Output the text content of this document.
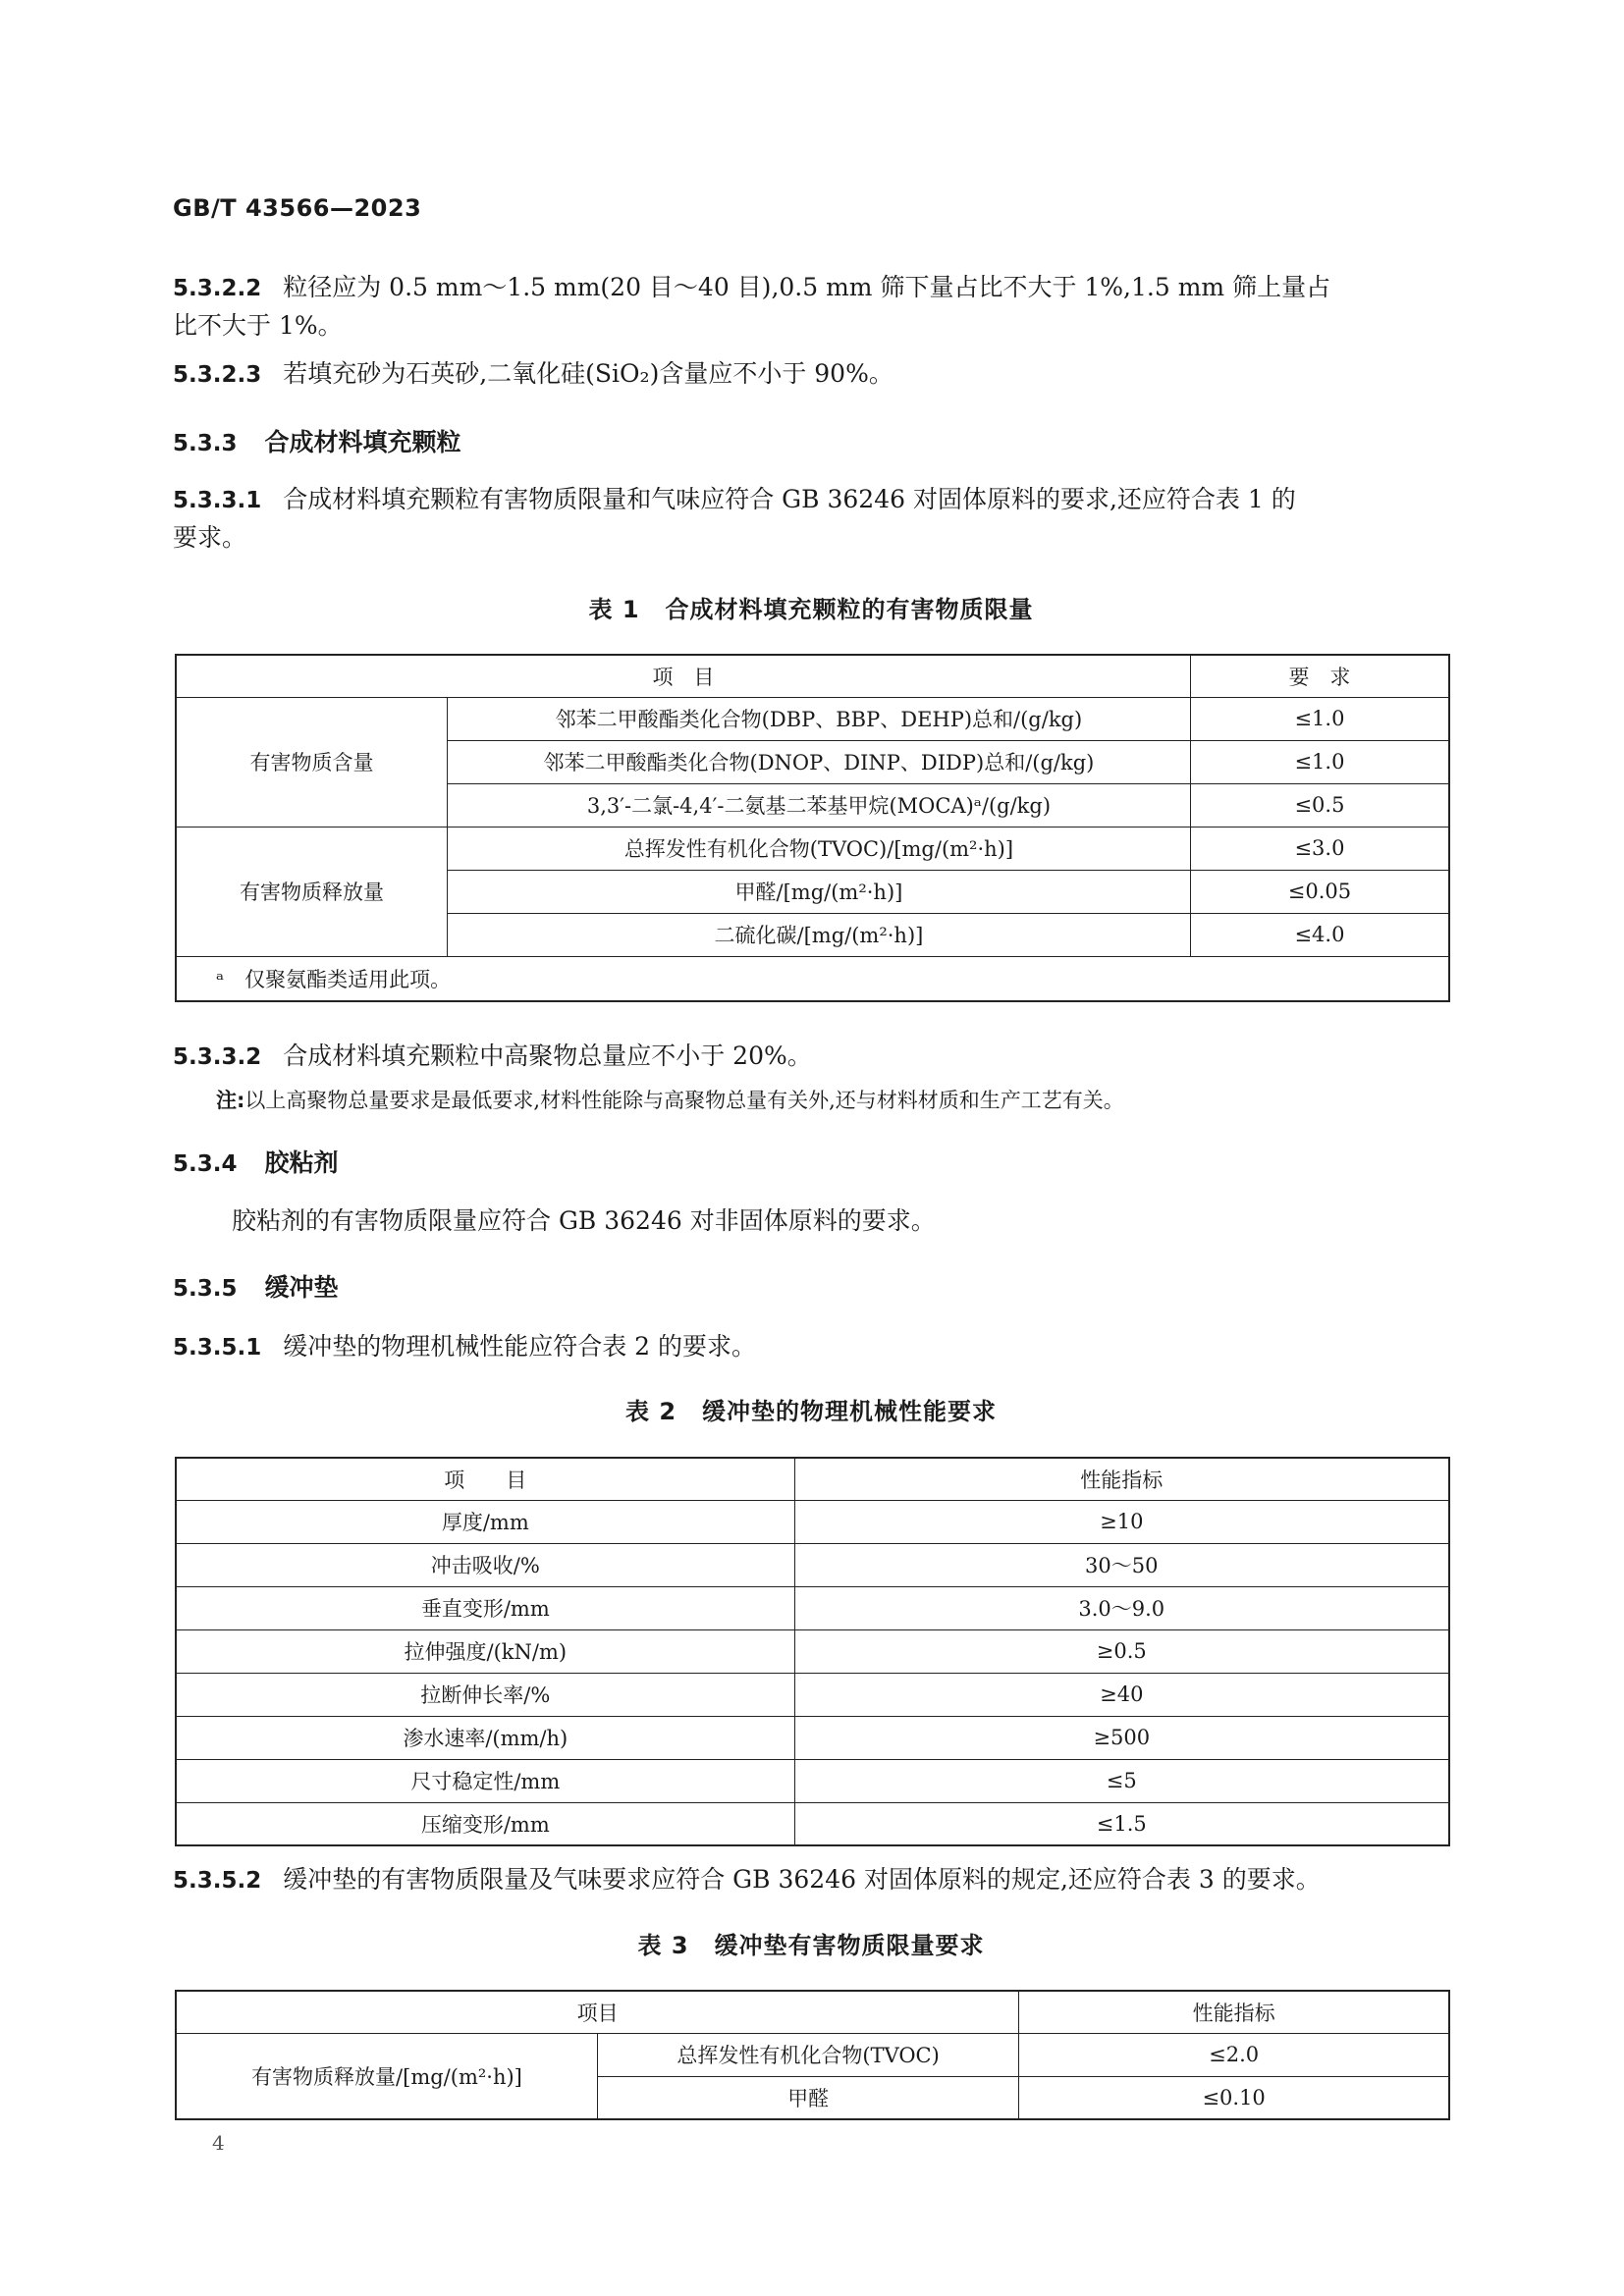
GB/T 43566—2023
5.3.2.2 粒径应为 0.5 mm～1.5 mm(20 目～40 目),0.5 mm 筛下量占比不大于 1%,1.5 mm 筛上量占
比不大于 1%。
5.3.2.3 若填充砂为石英砂,二氧化硅(SiO₂)含量应不小于 90%。
5.3.3 合成材料填充颗粒
5.3.3.1 合成材料填充颗粒有害物质限量和气味应符合 GB 36246 对固体原料的要求,还应符合表 1 的
要求。
表 1 合成材料填充颗粒的有害物质限量
项　目		要　求
有害物质含量	邻苯二甲酸酯类化合物(DBP、BBP、DEHP)总和/(g/kg)	≤1.0
	邻苯二甲酸酯类化合物(DNOP、DINP、DIDP)总和/(g/kg)	≤1.0
	3,3′-二氯-4,4′-二氨基二苯基甲烷(MOCA)ᵃ/(g/kg)	≤0.5
有害物质释放量	总挥发性有机化合物(TVOC)/[mg/(m²·h)]	≤3.0
	甲醛/[mg/(m²·h)]	≤0.05
	二硫化碳/[mg/(m²·h)]	≤4.0
ᵃ　仅聚氨酯类适用此项。		
5.3.3.2 合成材料填充颗粒中高聚物总量应不小于 20%。
注:以上高聚物总量要求是最低要求,材料性能除与高聚物总量有关外,还与材料材质和生产工艺有关。
5.3.4 胶粘剂
胶粘剂的有害物质限量应符合 GB 36246 对非固体原料的要求。
5.3.5 缓冲垫
5.3.5.1 缓冲垫的物理机械性能应符合表 2 的要求。
表 2 缓冲垫的物理机械性能要求
项　　目	性能指标
厚度/mm	≥10
冲击吸收/%	30～50
垂直变形/mm	3.0～9.0
拉伸强度/(kN/m)	≥0.5
拉断伸长率/%	≥40
渗水速率/(mm/h)	≥500
尺寸稳定性/mm	≤5
压缩变形/mm	≤1.5
5.3.5.2 缓冲垫的有害物质限量及气味要求应符合 GB 36246 对固体原料的规定,还应符合表 3 的要求。
表 3 缓冲垫有害物质限量要求
项目		性能指标
有害物质释放量/[mg/(m²·h)]	总挥发性有机化合物(TVOC)	≤2.0
	甲醛	≤0.10
4
